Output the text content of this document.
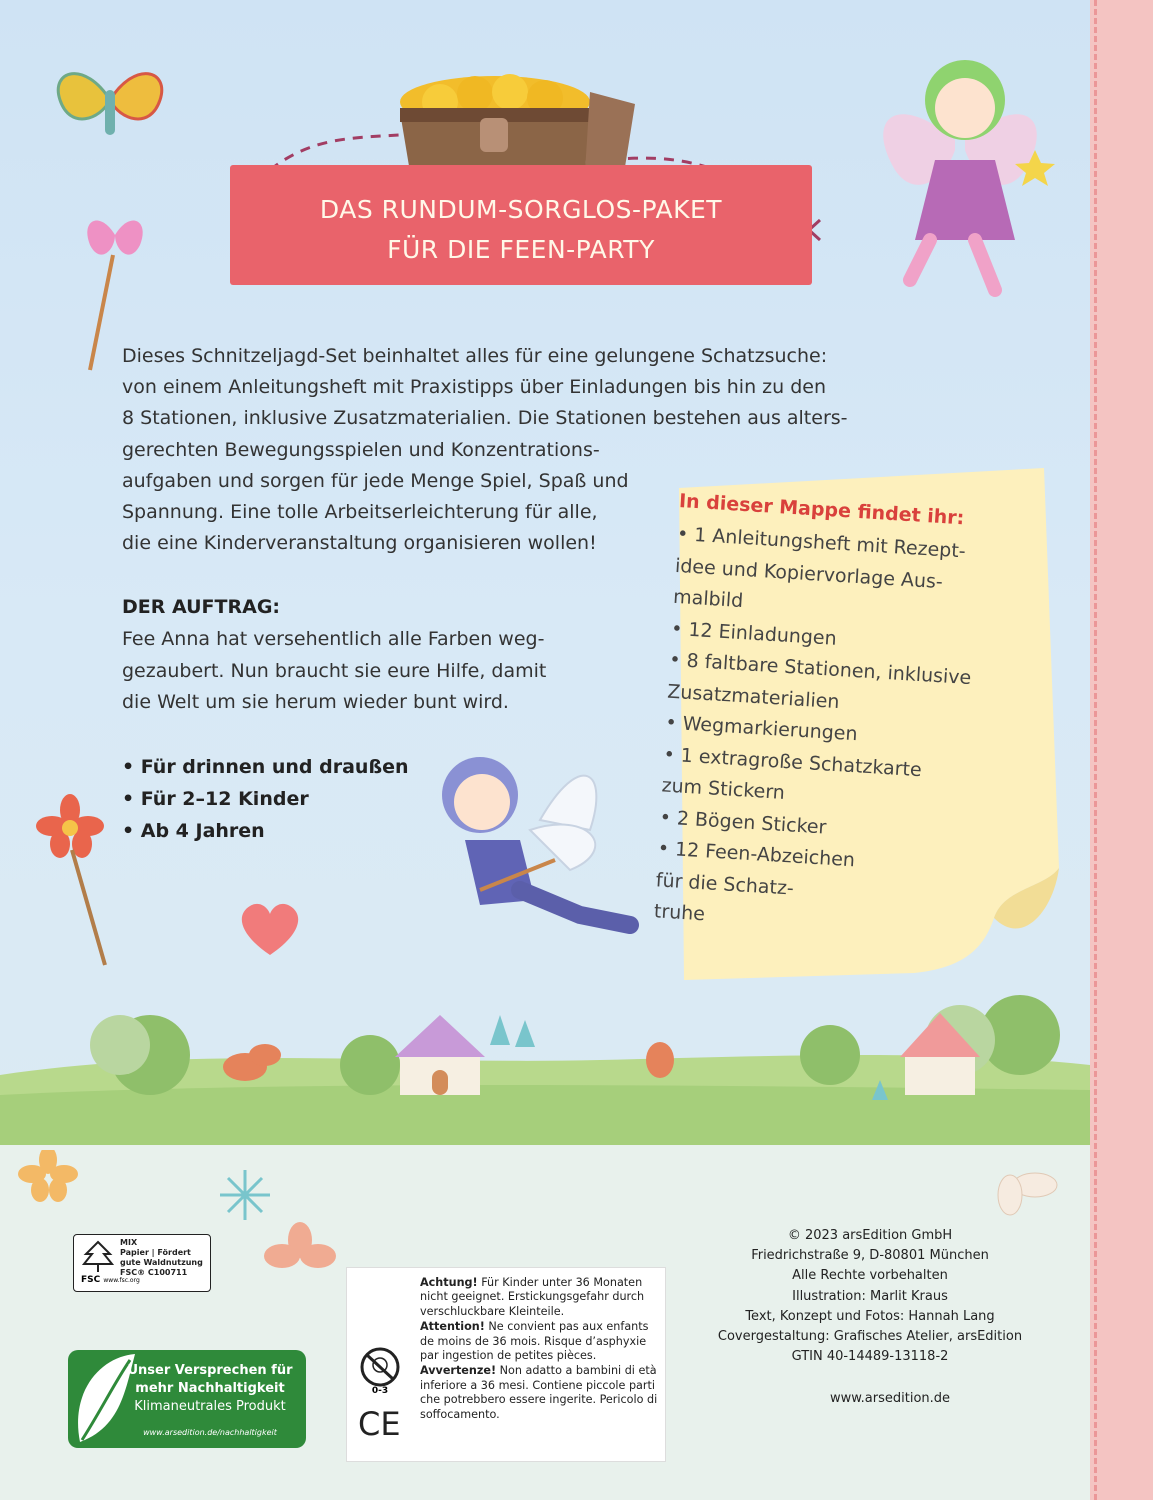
DAS RUNDUM-SORGLOS-PAKET
FÜR DIE FEEN-PARTY

Dieses Schnitzeljagd-Set beinhaltet alles für eine gelungene Schatzsuche:
von einem Anleitungsheft mit Praxistipps über Einladungen bis hin zu den
8 Stationen, inklusive Zusatzmaterialien. Die Stationen bestehen aus alters-
gerechten Bewegungsspielen und Konzentrations-
aufgaben und sorgen für jede Menge Spiel, Spaß und
Spannung. Eine tolle Arbeitserleichterung für alle,
die eine Kinderveranstaltung organisieren wollen!

DER AUFTRAG:

Fee Anna hat versehentlich alle Farben weg-
gezaubert. Nun braucht sie eure Hilfe, damit
die Welt um sie herum wieder bunt wird.

• Für drinnen und draußen
• Für 2–12 Kinder
• Ab 4 Jahren
In dieser Mappe findet ihr:
• 1 Anleitungsheft mit Rezept-
idee und Kopiervorlage Aus-
malbild
• 12 Einladungen
• 8 faltbare Stationen, inklusive
Zusatzmaterialien
• Wegmarkierungen
• 1 extragroße Schatzkarte
zum Stickern
• 2 Bögen Sticker
• 12 Feen-Abzeichen
für die Schatz-
truhe
MIX
Papier | Fördert
gute Waldnutzung
FSC® C100711
FSC www.fsc.org
Unser Versprechen für
mehr Nachhaltigkeit
Klimaneutrales Produkt
www.arsedition.de/nachhaltigkeit
0-3
CE

Achtung! Für Kinder unter 36 Monaten nicht geeignet. Erstickungsgefahr durch verschluckbare Kleinteile.

Attention! Ne convient pas aux enfants de moins de 36 mois. Risque d’asphyxie par ingestion de petites pièces.

Avvertenze! Non adatto a bambini di età inferiore a 36 mesi. Contiene piccole parti che potrebbero essere ingerite. Pericolo di soffocamento.

© 2023 arsEdition GmbH
Friedrichstraße 9, D-80801 München
Alle Rechte vorbehalten
Illustration: Marlit Kraus
Text, Konzept und Fotos: Hannah Lang
Covergestaltung: Grafisches Atelier, arsEdition
GTIN 40-14489-13118-2
www.arsedition.de
